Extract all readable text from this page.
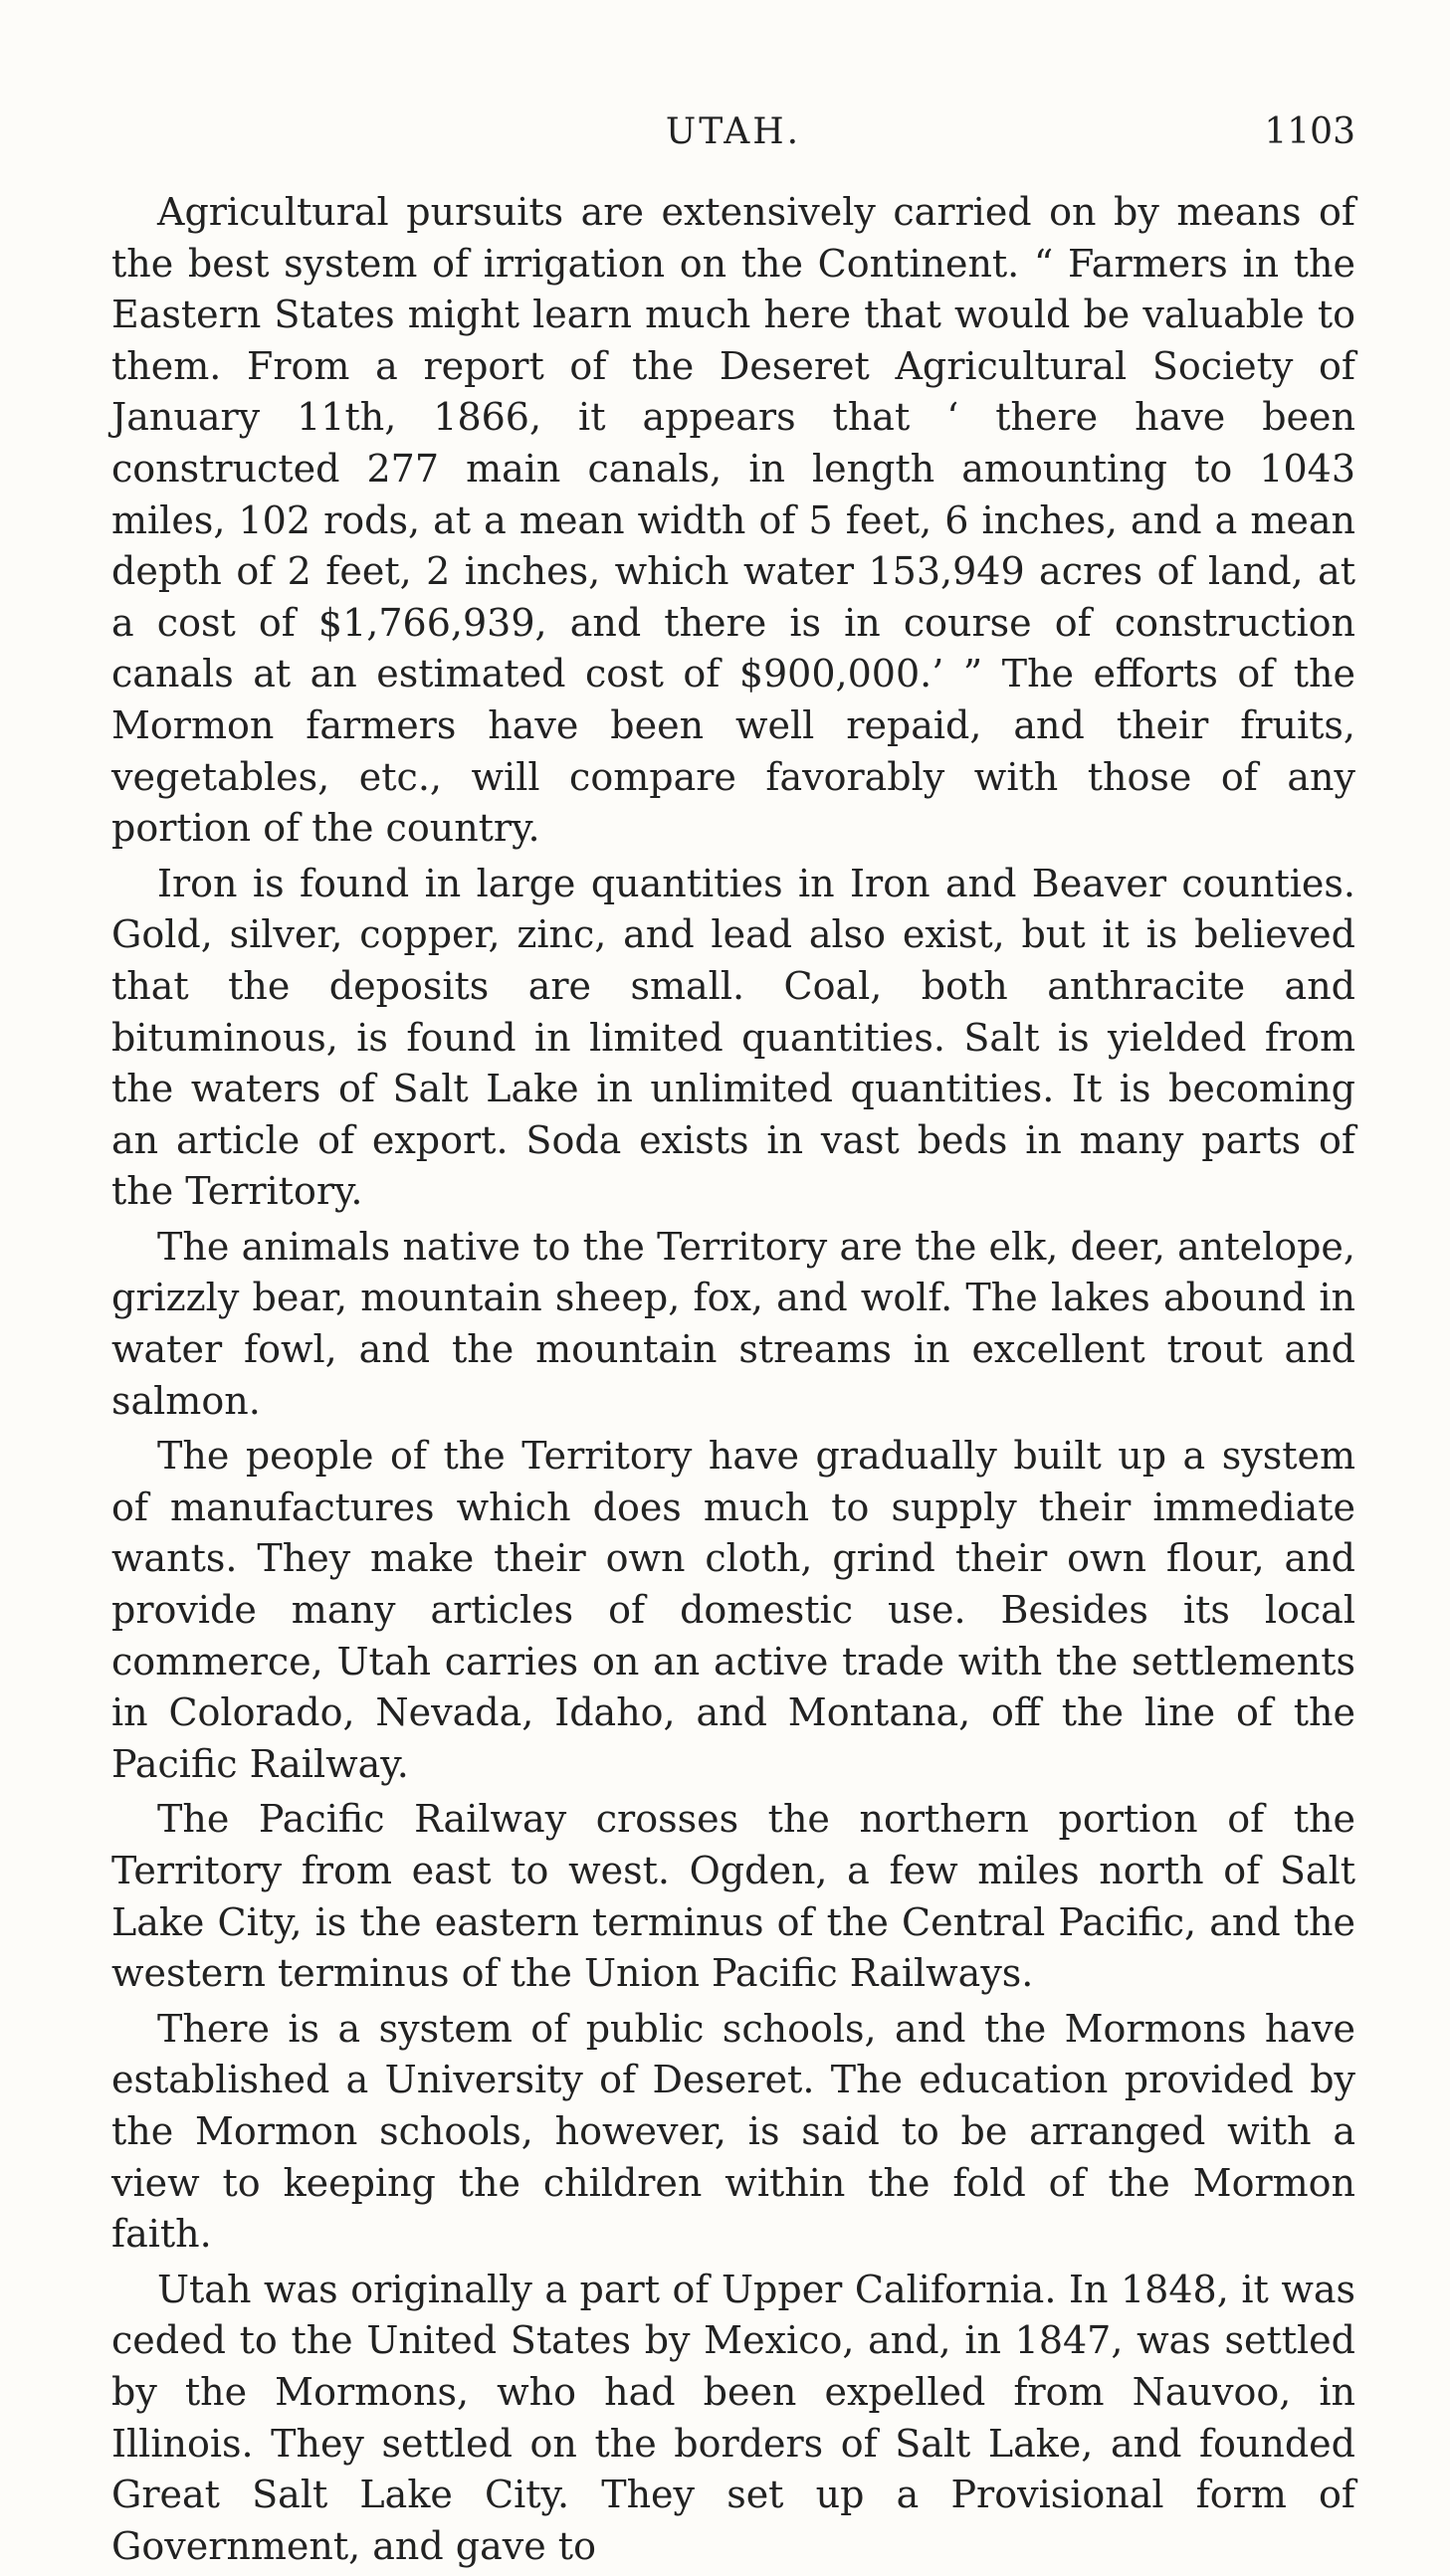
UTAH.	1103

Agricultural pursuits are extensively carried on by means of the best system of irrigation on the Continent. “ Farmers in the Eastern States might learn much here that would be valuable to them. From a report of the Deseret Agricultural Society of January 11th, 1866, it appears that ‘ there have been constructed 277 main canals, in length amounting to 1043 miles, 102 rods, at a mean width of 5 feet, 6 inches, and a mean depth of 2 feet, 2 inches, which water 153,949 acres of land, at a cost of $1,766,939, and there is in course of construction canals at an estimated cost of $900,000.’ ” The efforts of the Mormon farmers have been well repaid, and their fruits, vegetables, etc., will compare favorably with those of any portion of the country.

Iron is found in large quantities in Iron and Beaver counties. Gold, silver, copper, zinc, and lead also exist, but it is believed that the deposits are small. Coal, both anthracite and bituminous, is found in limited quantities. Salt is yielded from the waters of Salt Lake in unlimited quantities. It is becoming an article of export. Soda exists in vast beds in many parts of the Territory.

The animals native to the Territory are the elk, deer, antelope, grizzly bear, mountain sheep, fox, and wolf. The lakes abound in water fowl, and the mountain streams in excellent trout and salmon.

The people of the Territory have gradually built up a system of manufactures which does much to supply their immediate wants. They make their own cloth, grind their own flour, and provide many articles of domestic use. Besides its local commerce, Utah carries on an active trade with the settlements in Colorado, Nevada, Idaho, and Montana, off the line of the Pacific Railway.

The Pacific Railway crosses the northern portion of the Territory from east to west. Ogden, a few miles north of Salt Lake City, is the eastern terminus of the Central Pacific, and the western terminus of the Union Pacific Railways.

There is a system of public schools, and the Mormons have established a University of Deseret. The education provided by the Mormon schools, however, is said to be arranged with a view to keeping the children within the fold of the Mormon faith.

Utah was originally a part of Upper California. In 1848, it was ceded to the United States by Mexico, and, in 1847, was settled by the Mormons, who had been expelled from Nauvoo, in Illinois. They settled on the borders of Salt Lake, and founded Great Salt Lake City. They set up a Provisional form of Government, and gave to
